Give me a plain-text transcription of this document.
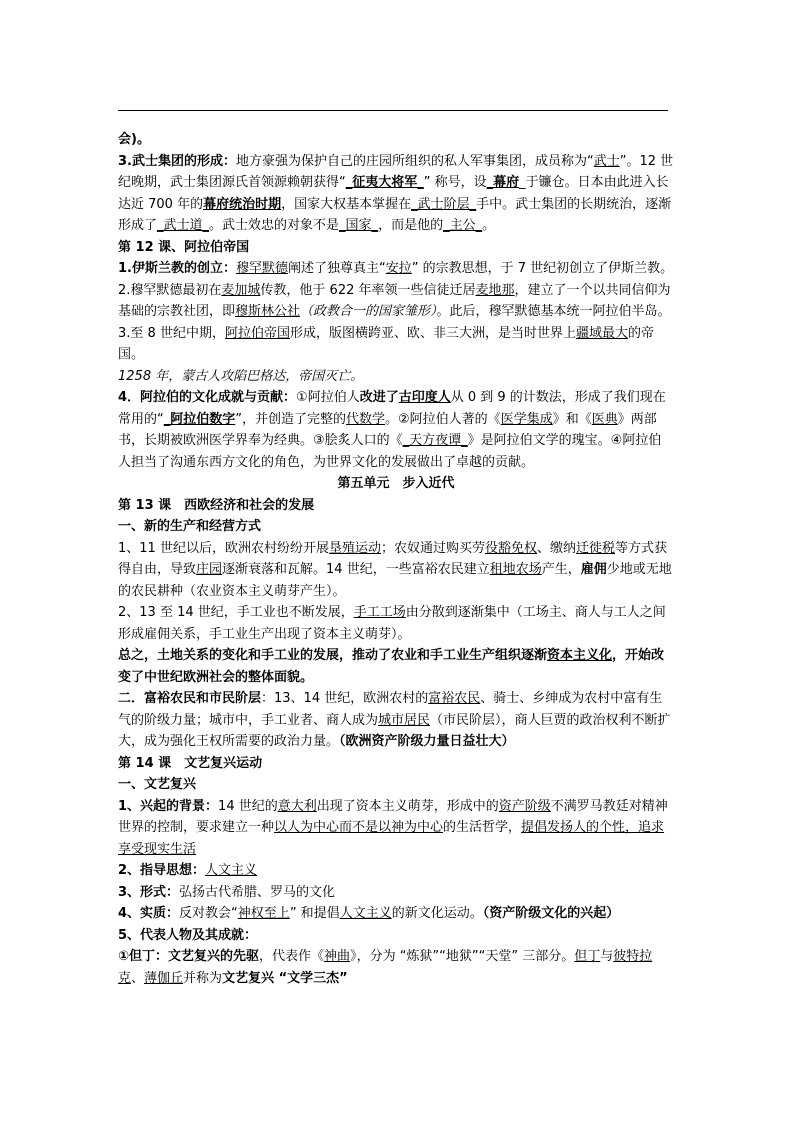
会)。

3.武士集团的形成：地方豪强为保护自己的庄园所组织的私人军事集团，成员称为“武士”。12 世纪晚期，武士集团源氏首领源赖朝获得“_征夷大将军_” 称号，设_幕府_于镰仓。日本由此进入长达近 700 年的幕府统治时期，国家大权基本掌握在_武士阶层_手中。武士集团的长期统治，逐渐形成了_武士道_。武士效忠的对象不是_国家_，而是他的_主公_。

第 12 课、阿拉伯帝国

1.伊斯兰教的创立：穆罕默德阐述了独尊真主“安拉” 的宗教思想，于 7 世纪初创立了伊斯兰教。

2.穆罕默德最初在麦加城传教，他于 622 年率领一些信徒迁居麦地那，建立了一个以共同信仰为基础的宗教社团，即穆斯林公社（政教合一的国家雏形）。此后，穆罕默德基本统一阿拉伯半岛。

3.至 8 世纪中期，阿拉伯帝国形成，版图横跨亚、欧、非三大洲，是当时世界上疆域最大的帝国。

1258 年，蒙古人攻陷巴格达，帝国灭亡。

4．阿拉伯的文化成就与贡献：①阿拉伯人改进了古印度人从 0 到 9 的计数法，形成了我们现在常用的“_阿拉伯数字”，并创造了完整的代数学。②阿拉伯人著的《医学集成》和《医典》两部书，长期被欧洲医学界奉为经典。③脍炙人口的《_天方夜谭_》是阿拉伯文学的瑰宝。④阿拉伯人担当了沟通东西方文化的角色，为世界文化的发展做出了卓越的贡献。

第五单元　步入近代

第 13 课　西欧经济和社会的发展

一、新的生产和经营方式

1、11 世纪以后，欧洲农村纷纷开展垦殖运动；农奴通过购买劳役豁免权、缴纳迁徙税等方式获得自由，导致庄园逐渐衰落和瓦解。14 世纪，一些富裕农民建立租地农场产生，雇佣少地或无地的农民耕种（农业资本主义萌芽产生）。

2、13 至 14 世纪，手工业也不断发展，手工工场由分散到逐渐集中（工场主、商人与工人之间形成雇佣关系，手工业生产出现了资本主义萌芽）。

总之，土地关系的变化和手工业的发展，推动了农业和手工业生产组织逐渐资本主义化，开始改变了中世纪欧洲社会的整体面貌。

二．富裕农民和市民阶层：13、14 世纪，欧洲农村的富裕农民、骑士、乡绅成为农村中富有生气的阶级力量；城市中，手工业者、商人成为城市居民（市民阶层），商人巨贾的政治权利不断扩大，成为强化王权所需要的政治力量。（欧洲资产阶级力量日益壮大）

第 14 课　文艺复兴运动

一、文艺复兴

1、兴起的背景：14 世纪的意大利出现了资本主义萌芽，形成中的资产阶级不满罗马教廷对精神世界的控制，要求建立一种以人为中心而不是以神为中心的生活哲学，提倡发扬人的个性，追求享受现实生活

2、指导思想：人文主义

3、形式：弘扬古代希腊、罗马的文化

4、实质：反对教会“神权至上” 和提倡人文主义的新文化运动。（资产阶级文化的兴起）

5、代表人物及其成就：

①但丁：文艺复兴的先驱，代表作《神曲》，分为 “炼狱”“地狱”“天堂” 三部分。但丁与彼特拉克、薄伽丘并称为文艺复兴 “文学三杰”
